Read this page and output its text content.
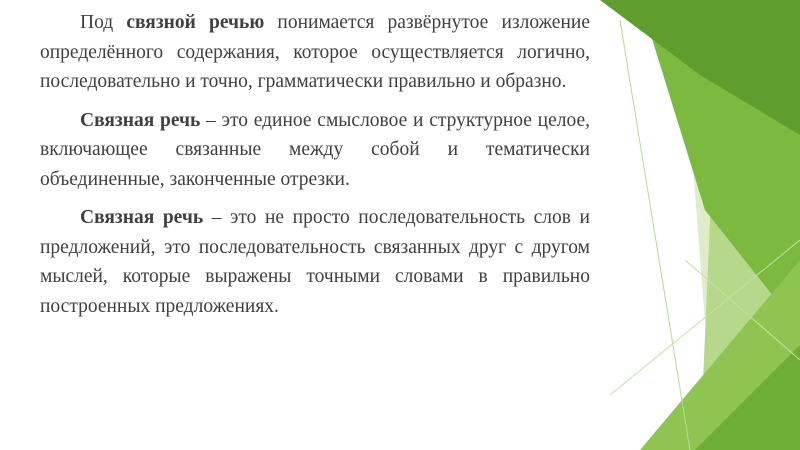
Под связной речью понимается развёрнутое изложение определённого содержания, которое осуществляется логично, последовательно и точно, грамматически правильно и образно.

Связная речь – это единое смысловое и структурное целое, включающее связанные между собой и тематически объединенные, законченные отрезки.

Связная речь – это не просто последовательность слов и предложений, это последовательность связанных друг с другом мыслей, которые выражены точными словами в правильно построенных предложениях.
